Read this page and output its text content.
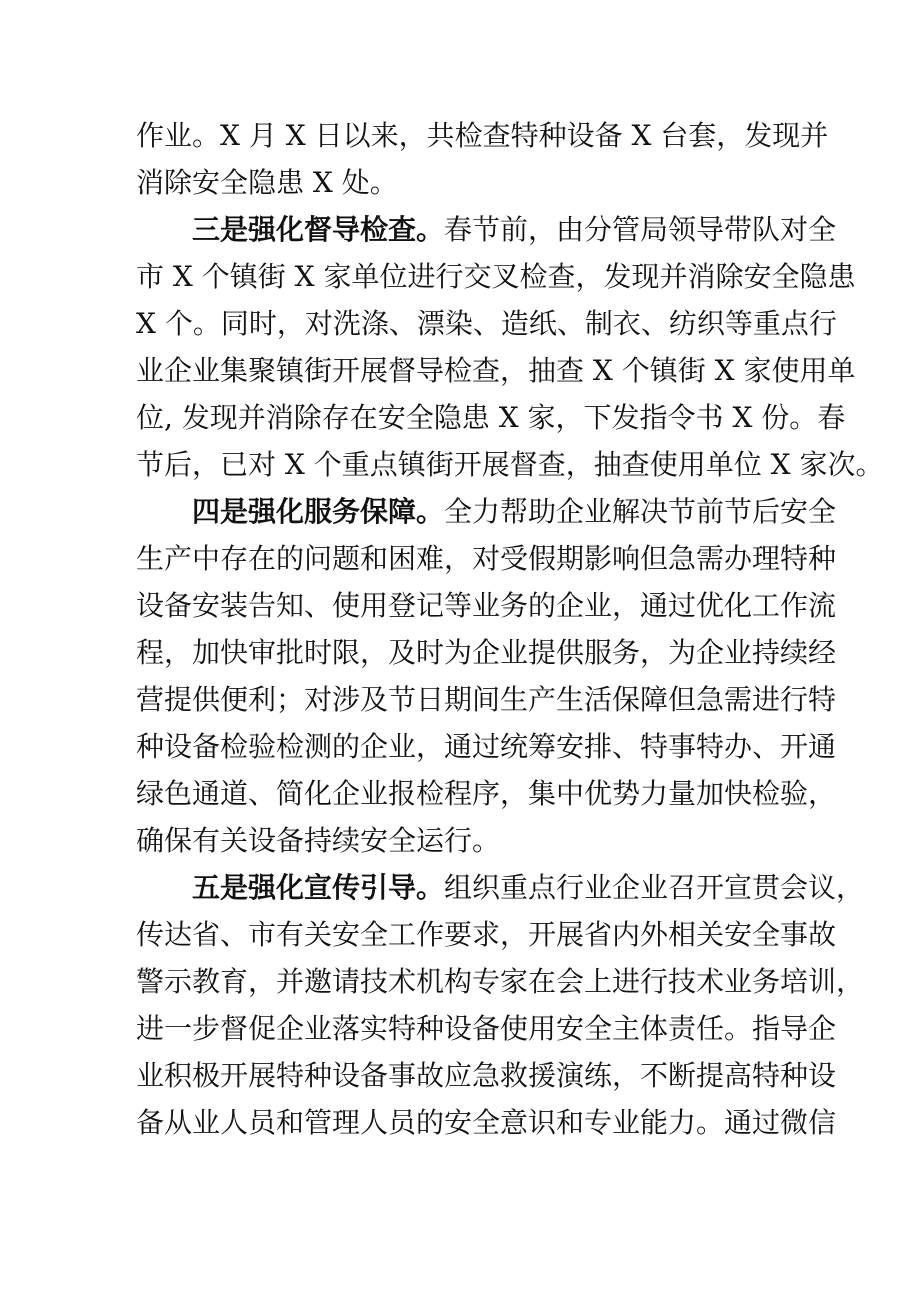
作业。X 月 X 日以来，共检查特种设备 X 台套，发现并
消除安全隐患 X 处。
三是强化督导检查。春节前，由分管局领导带队对全
市 X 个镇街 X 家单位进行交叉检查，发现并消除安全隐患
X 个。同时，对洗涤、漂染、造纸、制衣、纺织等重点行
业企业集聚镇街开展督导检查，抽查 X 个镇街 X 家使用单
位, 发现并消除存在安全隐患 X 家，下发指令书 X 份。春
节后，已对 X 个重点镇街开展督查，抽查使用单位 X 家次。
四是强化服务保障。全力帮助企业解决节前节后安全
生产中存在的问题和困难，对受假期影响但急需办理特种
设备安装告知、使用登记等业务的企业，通过优化工作流
程，加快审批时限，及时为企业提供服务，为企业持续经
营提供便利；对涉及节日期间生产生活保障但急需进行特
种设备检验检测的企业，通过统筹安排、特事特办、开通
绿色通道、简化企业报检程序，集中优势力量加快检验，
确保有关设备持续安全运行。
五是强化宣传引导。组织重点行业企业召开宣贯会议，
传达省、市有关安全工作要求，开展省内外相关安全事故
警示教育，并邀请技术机构专家在会上进行技术业务培训，
进一步督促企业落实特种设备使用安全主体责任。指导企
业积极开展特种设备事故应急救援演练，不断提高特种设
备从业人员和管理人员的安全意识和专业能力。通过微信
